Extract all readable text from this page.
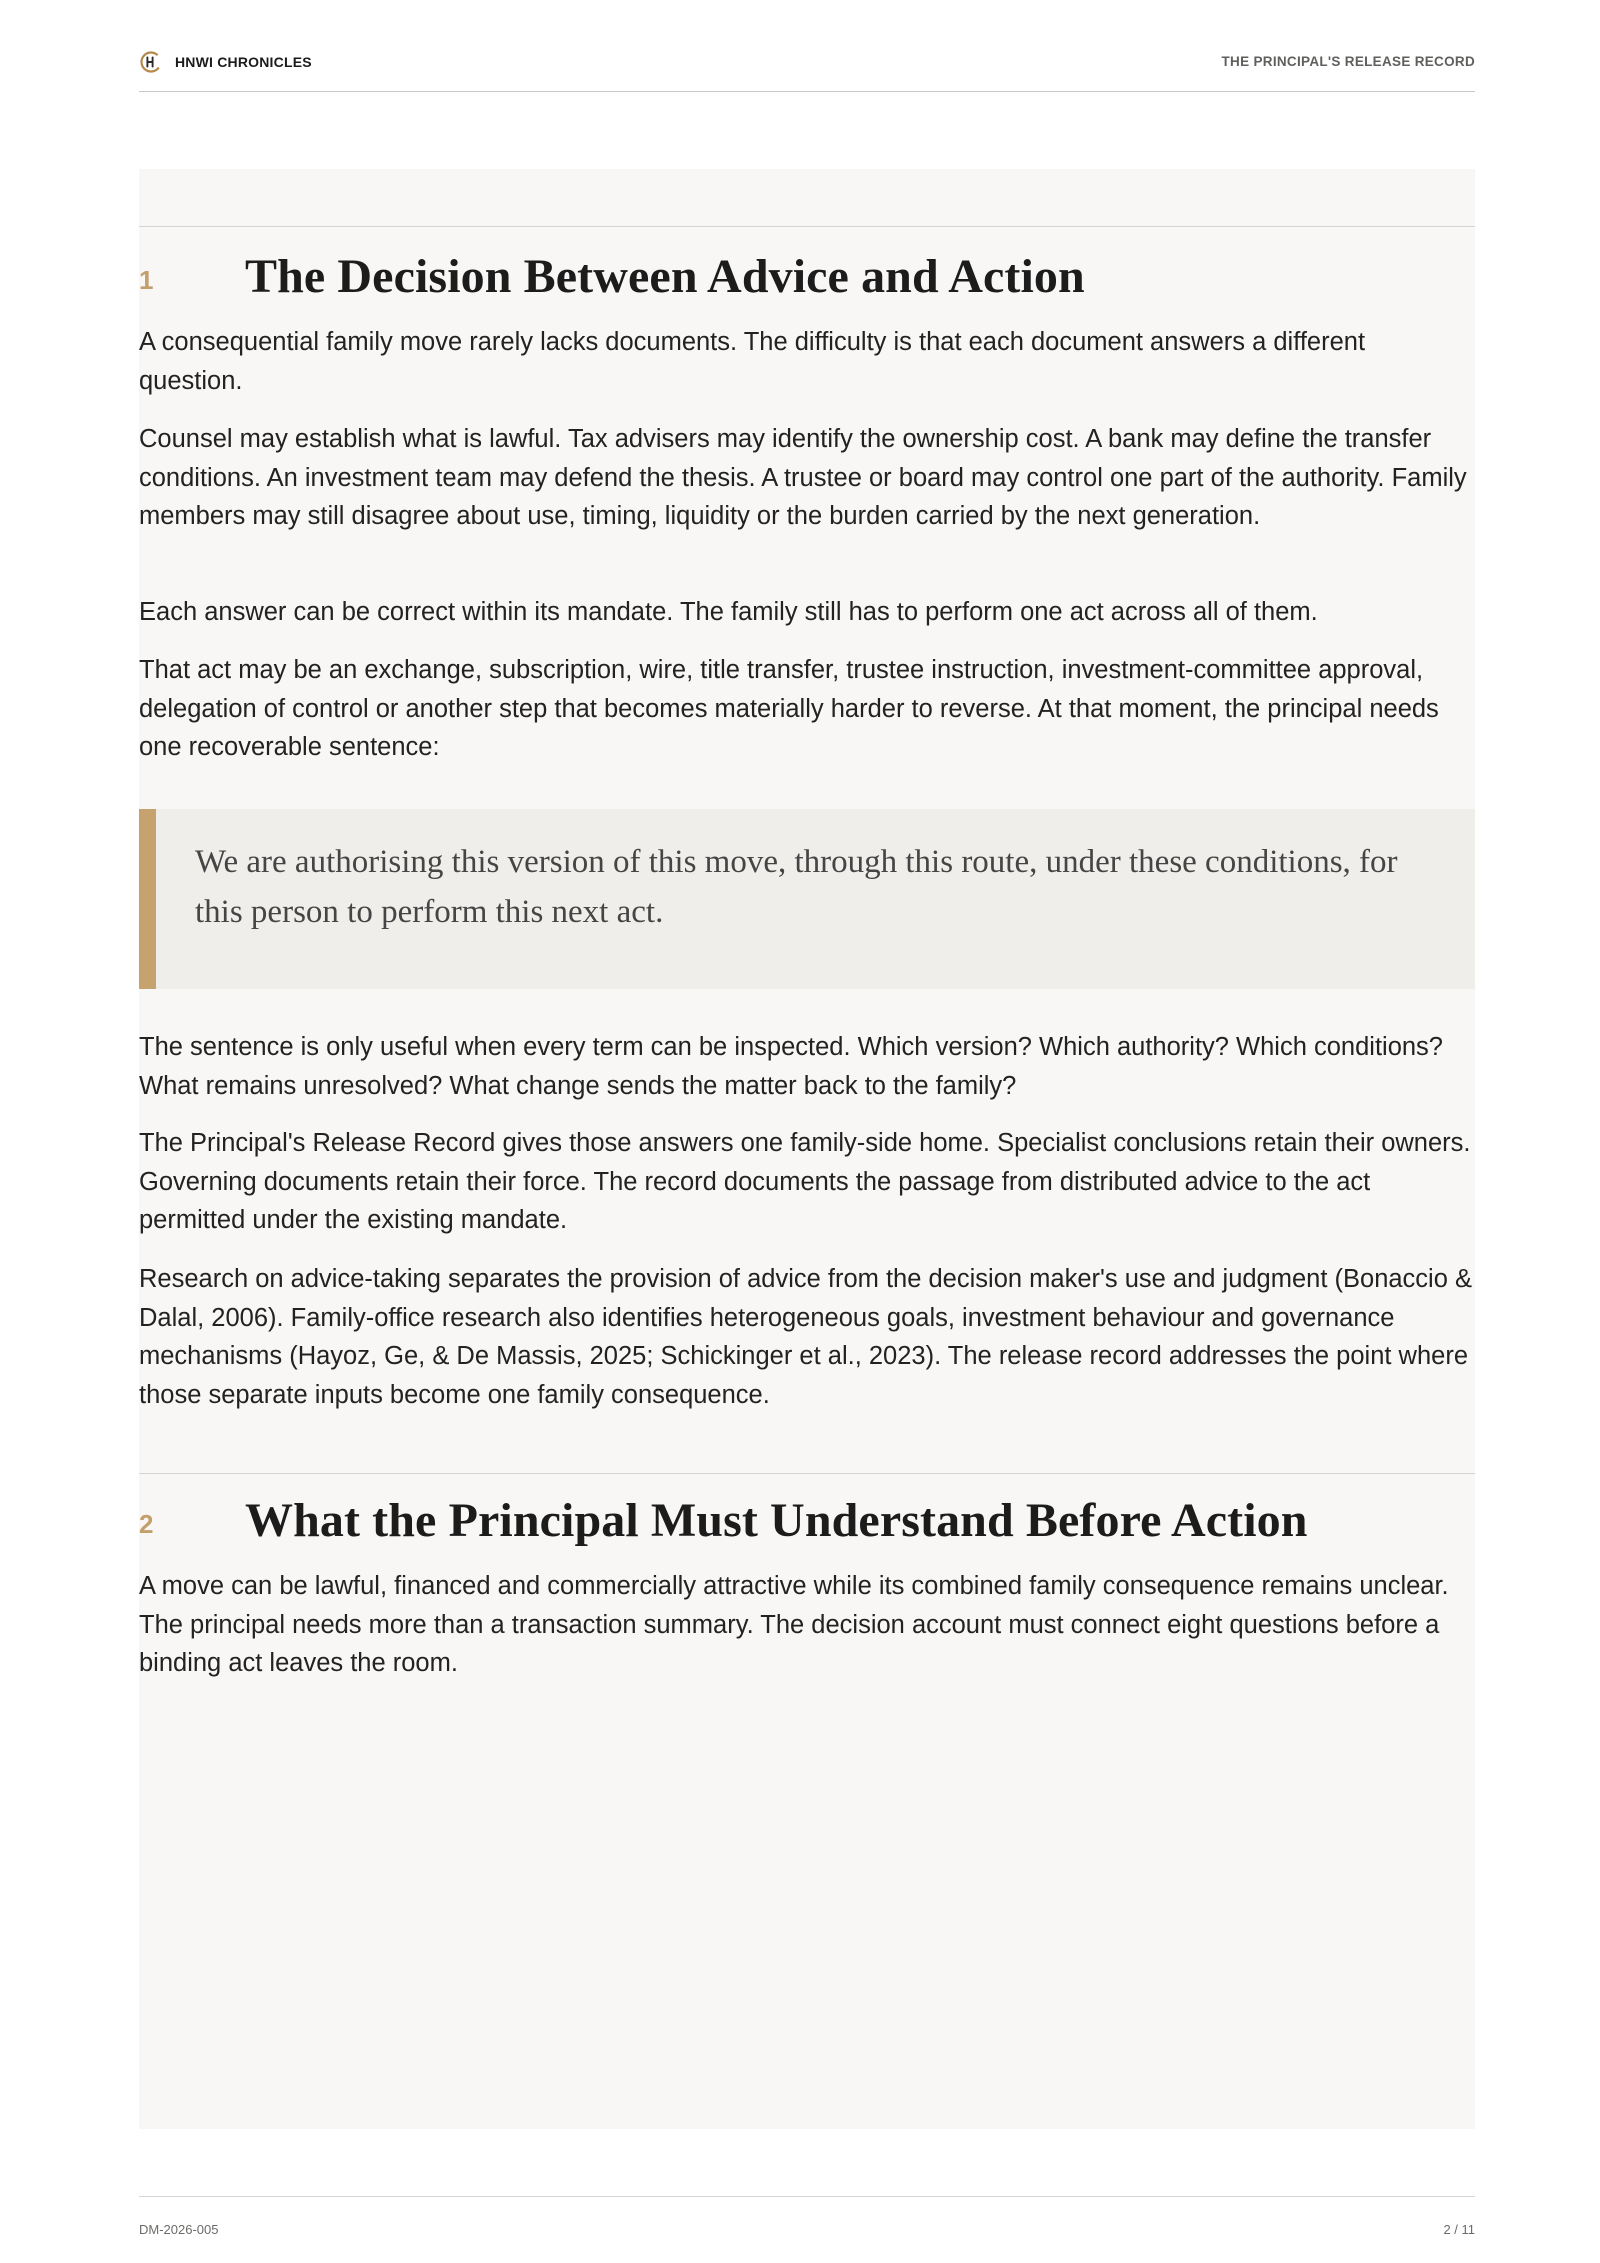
HNWI CHRONICLES	THE PRINCIPAL'S RELEASE RECORD
1 The Decision Between Advice and Action

A consequential family move rarely lacks documents. The difficulty is that each document answers a different question.

Counsel may establish what is lawful. Tax advisers may identify the ownership cost. A bank may define the transfer conditions. An investment team may defend the thesis. A trustee or board may control one part of the authority. Family members may still disagree about use, timing, liquidity or the burden carried by the next generation.

Each answer can be correct within its mandate. The family still has to perform one act across all of them.

That act may be an exchange, subscription, wire, title transfer, trustee instruction, investment-committee approval, delegation of control or another step that becomes materially harder to reverse. At that moment, the principal needs one recoverable sentence:

We are authorising this version of this move, through this route, under these conditions, for this person to perform this next act.

The sentence is only useful when every term can be inspected. Which version? Which authority? Which conditions? What remains unresolved? What change sends the matter back to the family?

The Principal's Release Record gives those answers one family-side home. Specialist conclusions retain their owners. Governing documents retain their force. The record documents the passage from distributed advice to the act permitted under the existing mandate.

Research on advice-taking separates the provision of advice from the decision maker's use and judgment (Bonaccio & Dalal, 2006). Family-office research also identifies heterogeneous goals, investment behaviour and governance mechanisms (Hayoz, Ge, & De Massis, 2025; Schickinger et al., 2023). The release record addresses the point where those separate inputs become one family consequence.

2 What the Principal Must Understand Before Action

A move can be lawful, financed and commercially attractive while its combined family consequence remains unclear. The principal needs more than a transaction summary. The decision account must connect eight questions before a binding act leaves the room.

DM-2026-005	2 / 11
